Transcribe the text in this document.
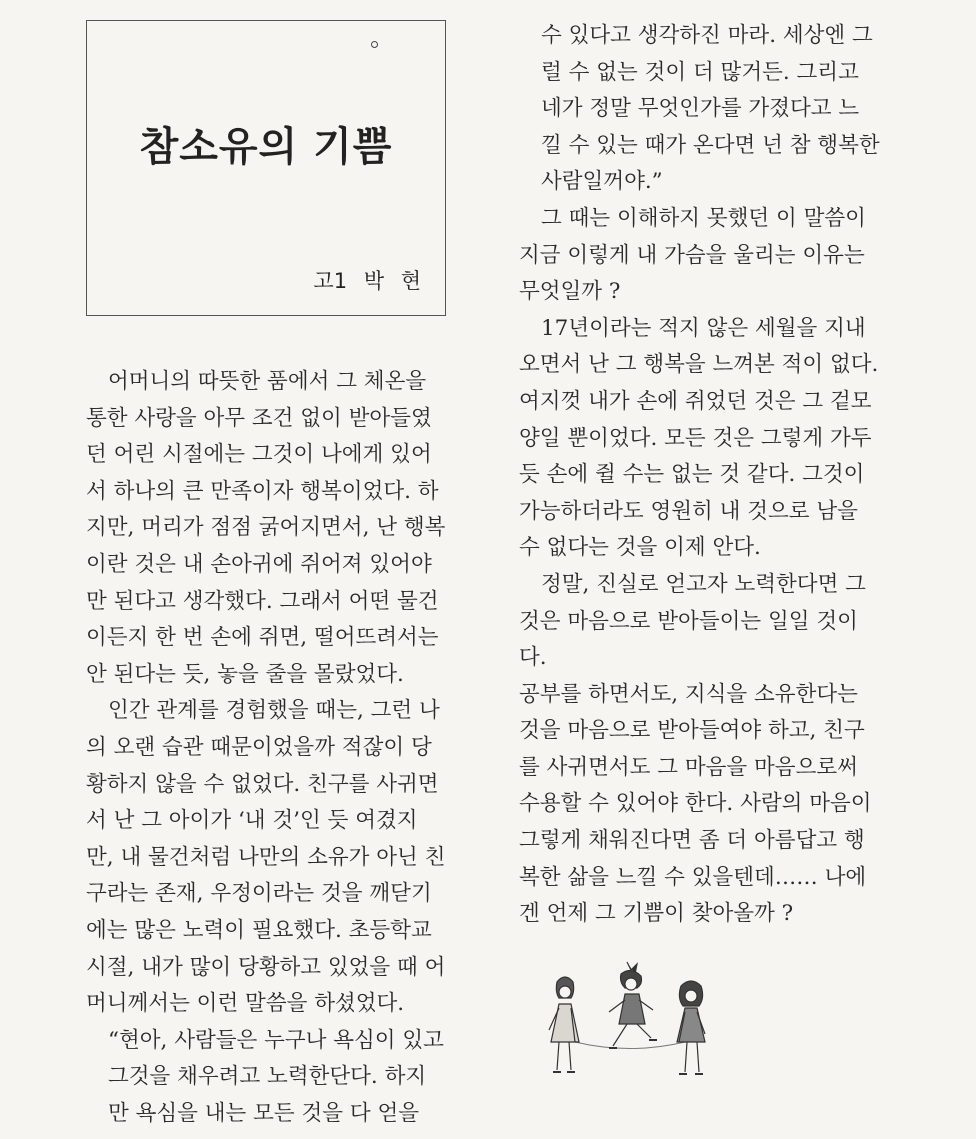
참소유의 기쁨
고1 박 현
어머니의 따뜻한 품에서 그 체온을
통한 사랑을 아무 조건 없이 받아들였
던 어린 시절에는 그것이 나에게 있어
서 하나의 큰 만족이자 행복이었다. 하
지만, 머리가 점점 굵어지면서, 난 행복
이란 것은 내 손아귀에 쥐어져 있어야
만 된다고 생각했다. 그래서 어떤 물건
이든지 한 번 손에 쥐면, 떨어뜨려서는
안 된다는 듯, 놓을 줄을 몰랐었다.
인간 관계를 경험했을 때는, 그런 나
의 오랜 습관 때문이었을까 적잖이 당
황하지 않을 수 없었다. 친구를 사귀면
서 난 그 아이가 ‘내 것’인 듯 여겼지
만, 내 물건처럼 나만의 소유가 아닌 친
구라는 존재, 우정이라는 것을 깨닫기
에는 많은 노력이 필요했다. 초등학교
시절, 내가 많이 당황하고 있었을 때 어
머니께서는 이런 말씀을 하셨었다.
“현아, 사람들은 누구나 욕심이 있고
그것을 채우려고 노력한단다. 하지
만 욕심을 내는 모든 것을 다 얻을
수 있다고 생각하진 마라. 세상엔 그
럴 수 없는 것이 더 많거든. 그리고
네가 정말 무엇인가를 가졌다고 느
낄 수 있는 때가 온다면 넌 참 행복한
사람일꺼야.”
그 때는 이해하지 못했던 이 말씀이
지금 이렇게 내 가슴을 울리는 이유는
무엇일까 ?
17년이라는 적지 않은 세월을 지내
오면서 난 그 행복을 느껴본 적이 없다.
여지껏 내가 손에 쥐었던 것은 그 겉모
양일 뿐이었다. 모든 것은 그렇게 가두
듯 손에 쥘 수는 없는 것 같다. 그것이
가능하더라도 영원히 내 것으로 남을
수 없다는 것을 이제 안다.
정말, 진실로 얻고자 노력한다면 그
것은 마음으로 받아들이는 일일 것이
다.
공부를 하면서도, 지식을 소유한다는
것을 마음으로 받아들여야 하고, 친구
를 사귀면서도 그 마음을 마음으로써
수용할 수 있어야 한다. 사람의 마음이
그렇게 채워진다면 좀 더 아름답고 행
복한 삶을 느낄 수 있을텐데…… 나에
겐 언제 그 기쁨이 찾아올까 ?
